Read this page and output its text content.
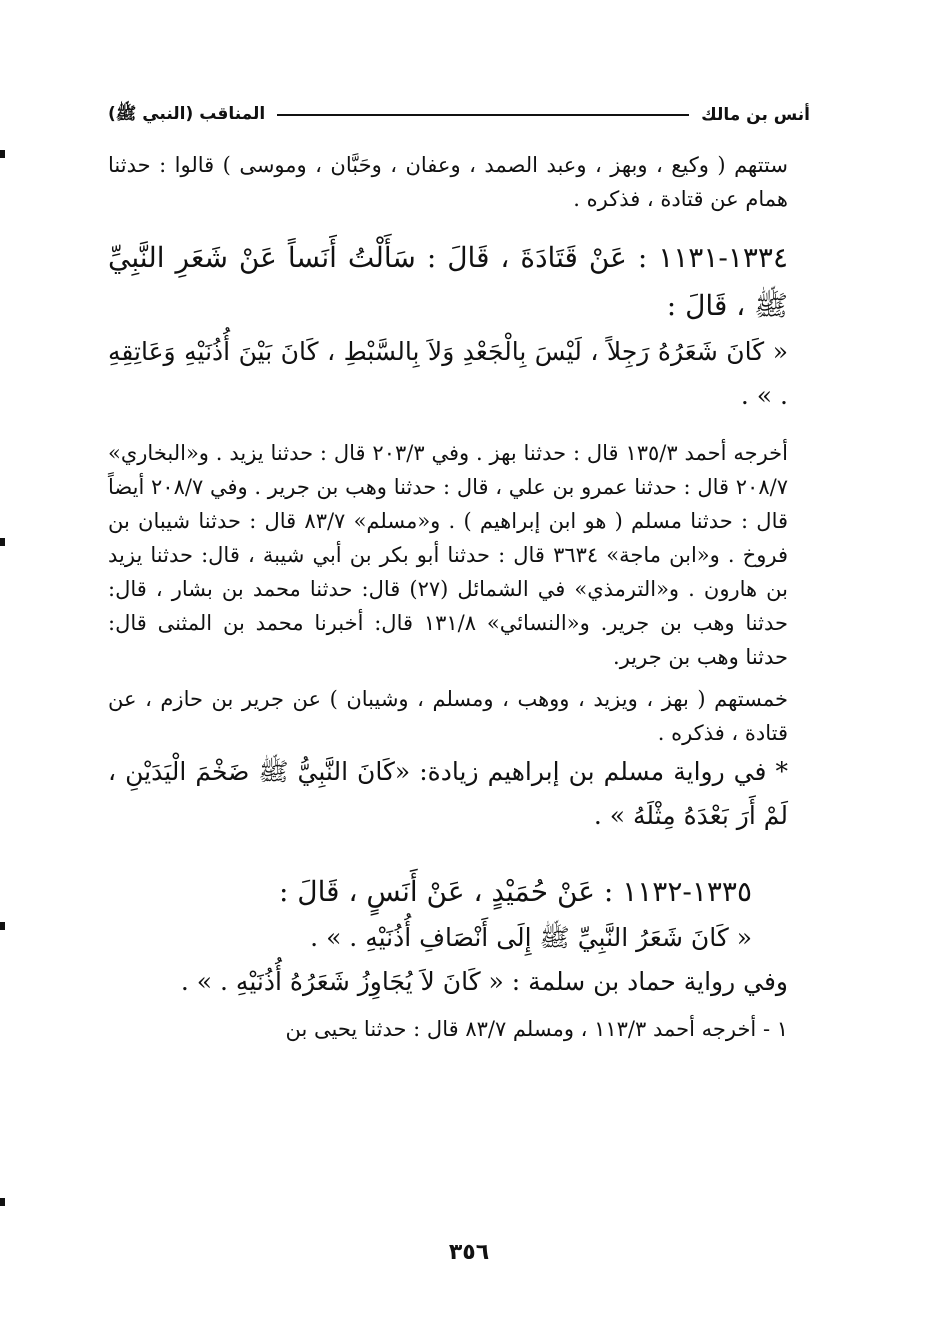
أنس بن مالك
المناقب (النبي ﷺ)

ستتهم ( وكيع ، وبهز ، وعبد الصمد ، وعفان ، وحَبَّان ، وموسى ) قالوا : حدثنا همام عن قتادة ، فذكره .

١٣٣٤-١١٣١ : عَنْ قَتَادَةَ ، قَالَ : سَأَلْتُ أَنَساً عَنْ شَعَرِ النَّبِيِّ ﷺ ، قَالَ :

« كَانَ شَعَرُهُ رَجِلاً ، لَيْسَ بِالْجَعْدِ وَلاَ بِالسَّبْطِ ، كَانَ بَيْنَ أُذُنَيْهِ وَعَاتِقِهِ . » .

أخرجه أحمد ١٣٥/٣ قال : حدثنا بهز . وفي ٢٠٣/٣ قال : حدثنا يزيد . و«البخاري» ٢٠٨/٧ قال : حدثنا عمرو بن علي ، قال : حدثنا وهب بن جرير . وفي ٢٠٨/٧ أيضاً قال : حدثنا مسلم ( هو ابن إبراهيم ) . و«مسلم» ٨٣/٧ قال : حدثنا شيبان بن فروخ . و«ابن ماجة» ٣٦٣٤ قال : حدثنا أبو بكر بن أبي شيبة ، قال: حدثنا يزيد بن هارون . و«الترمذي» في الشمائل (٢٧) قال: حدثنا محمد بن بشار ، قال: حدثنا وهب بن جرير. و«النسائي» ١٣١/٨ قال: أخبرنا محمد بن المثنى قال: حدثنا وهب بن جرير.

خمستهم ( بهز ، ويزيد ، ووهب ، ومسلم ، وشيبان ) عن جرير بن حازم ، عن قتادة ، فذكره .

* في رواية مسلم بن إبراهيم زيادة: «كَانَ النَّبِيُّ ﷺ ضَخْمَ الْيَدَيْنِ ، لَمْ أَرَ بَعْدَهُ مِثْلَهُ » .

١٣٣٥-١١٣٢ : عَنْ حُمَيْدٍ ، عَنْ أَنَسٍ ، قَالَ :

« كَانَ شَعَرُ النَّبِيِّ ﷺ إِلَى أَنْصَافِ أُذُنَيْهِ . » .

وفي رواية حماد بن سلمة : « كَانَ لاَ يُجَاوِزُ شَعَرُهُ أُذُنَيْهِ . » .

١ - أخرجه أحمد ١١٣/٣ ، ومسلم ٨٣/٧ قال : حدثنا يحيى بن

٣٥٦
